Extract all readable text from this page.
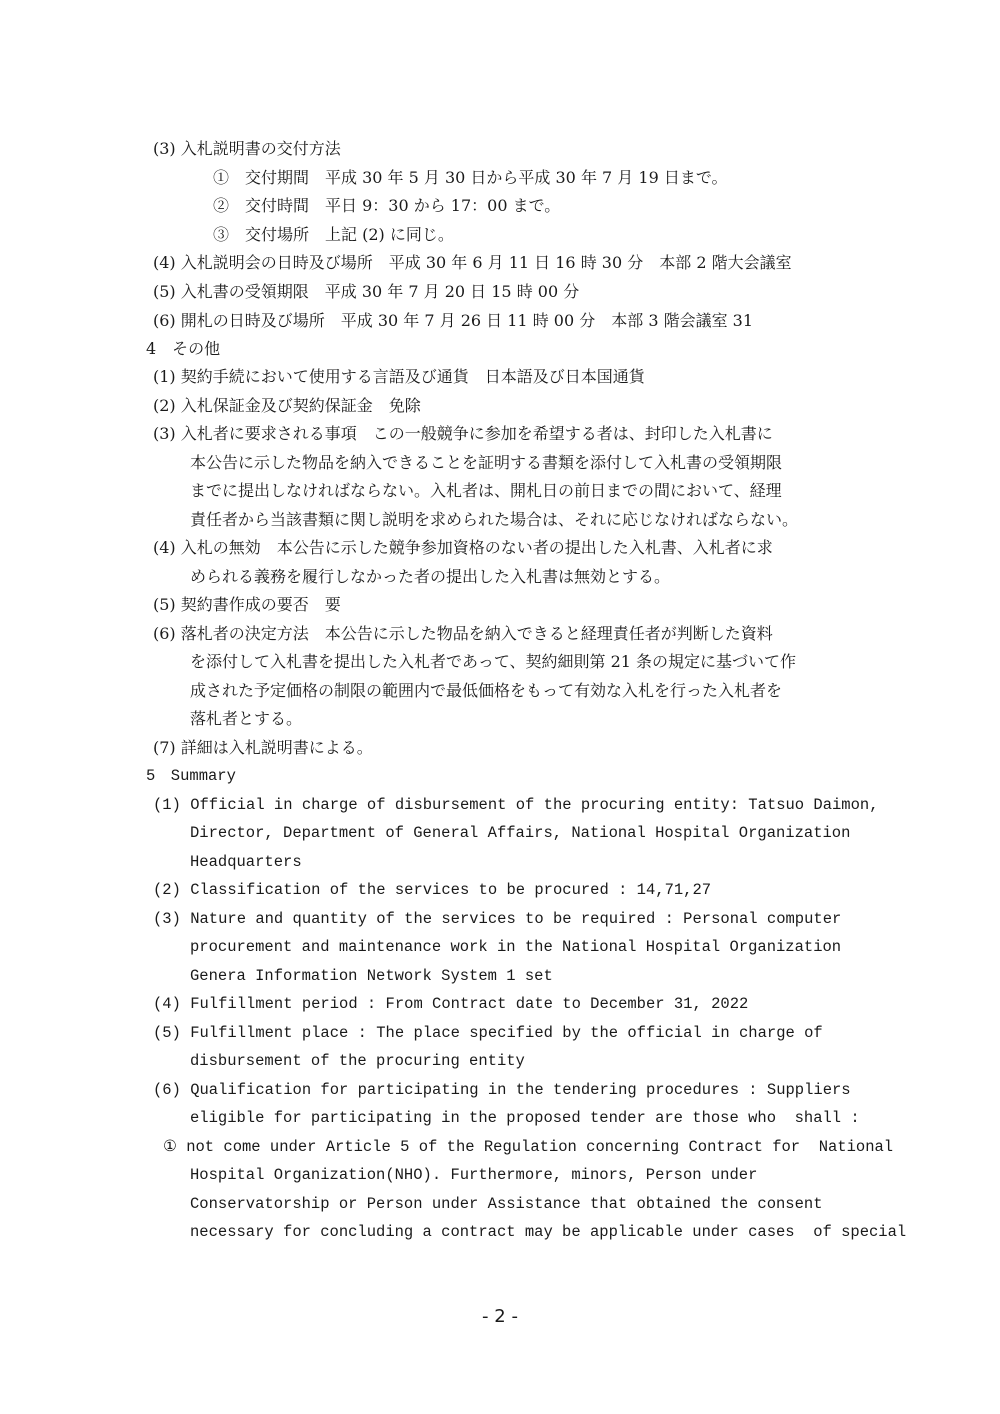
(3) 入札説明書の交付方法
①　交付期間　平成 30 年 5 月 30 日から平成 30 年 7 月 19 日まで。
②　交付時間　平日 9：30 から 17：00 まで。
③　交付場所　上記 (2) に同じ。
(4) 入札説明会の日時及び場所　平成 30 年 6 月 11 日 16 時 30 分　本部 2 階大会議室
(5) 入札書の受領期限　平成 30 年 7 月 20 日 15 時 00 分
(6) 開札の日時及び場所　平成 30 年 7 月 26 日 11 時 00 分　本部 3 階会議室 31
4　その他
(1) 契約手続において使用する言語及び通貨　日本語及び日本国通貨
(2) 入札保証金及び契約保証金　免除
(3) 入札者に要求される事項　この一般競争に参加を希望する者は、封印した入札書に
本公告に示した物品を納入できることを証明する書類を添付して入札書の受領期限
までに提出しなければならない。入札者は、開札日の前日までの間において、経理
責任者から当該書類に関し説明を求められた場合は、それに応じなければならない。
(4) 入札の無効　本公告に示した競争参加資格のない者の提出した入札書、入札者に求
められる義務を履行しなかった者の提出した入札書は無効とする。
(5) 契約書作成の要否　要
(6) 落札者の決定方法　本公告に示した物品を納入できると経理責任者が判断した資料
を添付して入札書を提出した入札者であって、契約細則第 21 条の規定に基づいて作
成された予定価格の制限の範囲内で最低価格をもって有効な入札を行った入札者を
落札者とする。
(7) 詳細は入札説明書による。
5　Summary
(1) Official in charge of disbursement of the procuring entity: Tatsuo Daimon,
Director, Department of General Affairs, National Hospital Organization
Headquarters
(2) Classification of the services to be procured : 14,71,27
(3) Nature and quantity of the services to be required : Personal computer
procurement and maintenance work in the National Hospital Organization
Genera Information Network System 1 set
(4) Fulfillment period : From Contract date to December 31, 2022
(5) Fulfillment place : The place specified by the official in charge of
disbursement of the procuring entity
(6) Qualification for participating in the tendering procedures : Suppliers
eligible for participating in the proposed tender are those who  shall :
① not come under Article 5 of the Regulation concerning Contract for  National
Hospital Organization(NHO). Furthermore, minors, Person under
Conservatorship or Person under Assistance that obtained the consent
necessary for concluding a contract may be applicable under cases  of special
- 2 -
